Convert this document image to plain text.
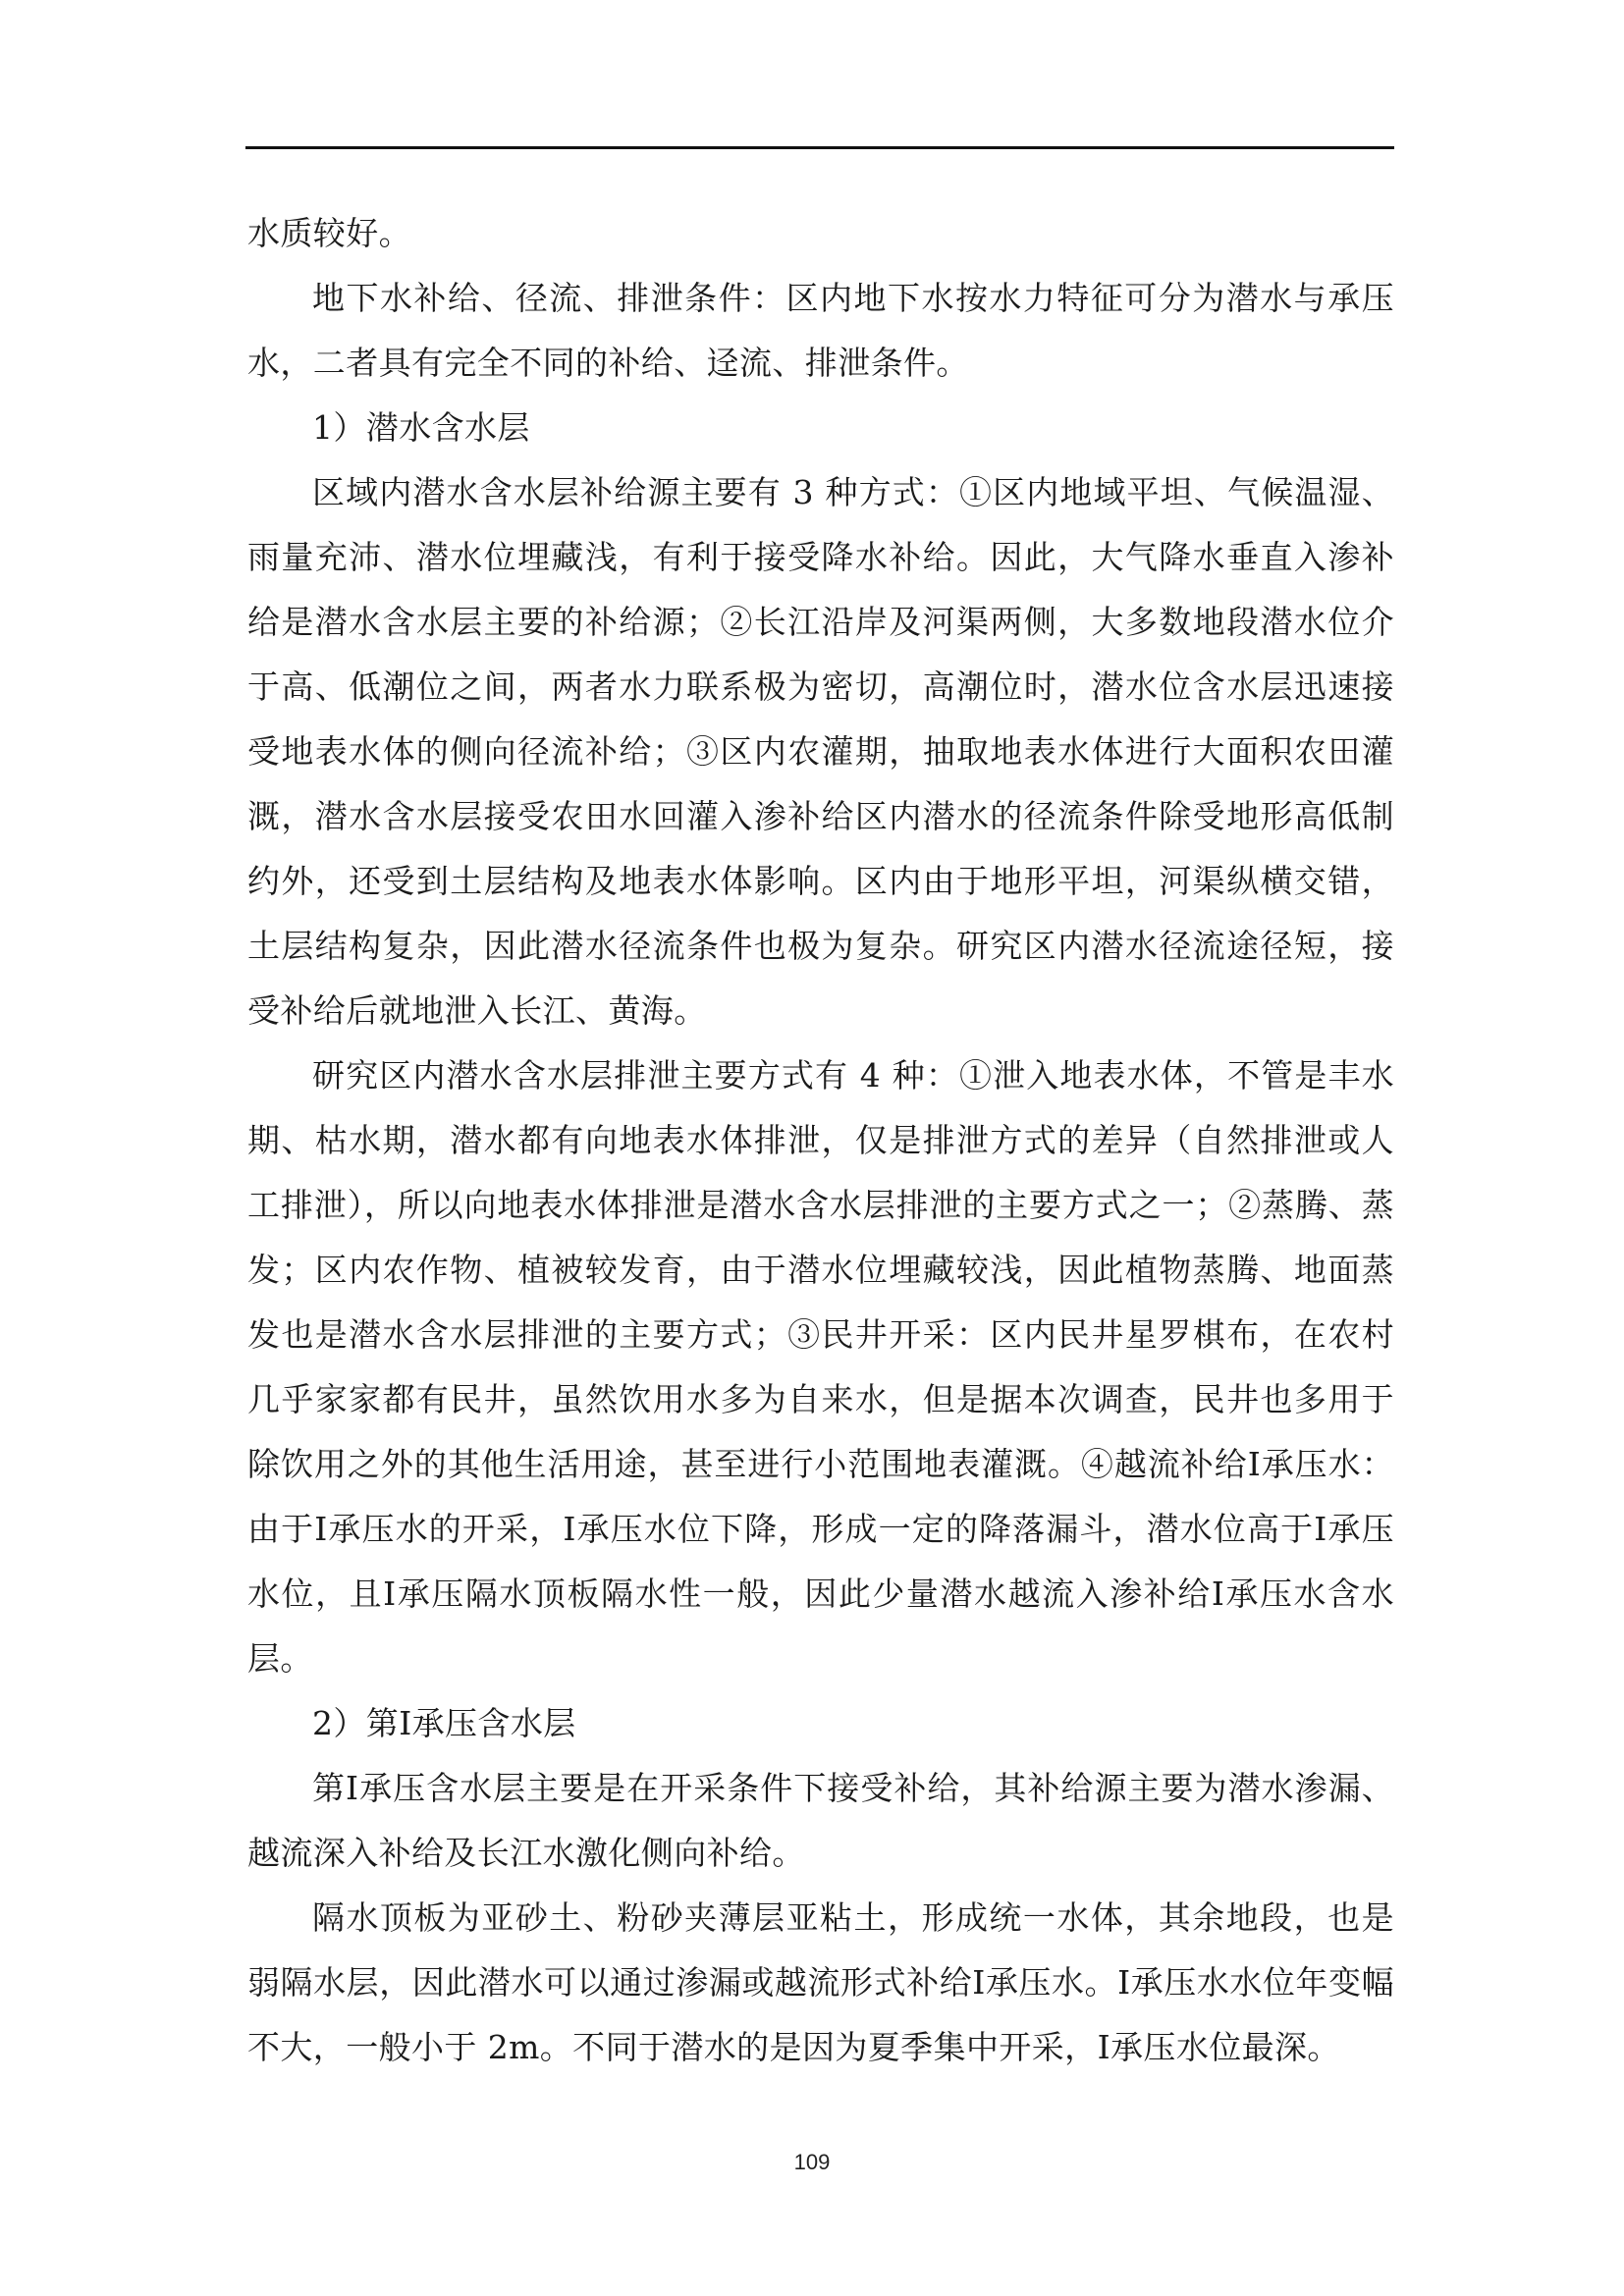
水质较好。

地下水补给、径流、排泄条件：区内地下水按水力特征可分为潜水与承压水，二者具有完全不同的补给、迳流、排泄条件。

1）潜水含水层

区域内潜水含水层补给源主要有 3 种方式：①区内地域平坦、气候温湿、雨量充沛、潜水位埋藏浅，有利于接受降水补给。因此，大气降水垂直入渗补给是潜水含水层主要的补给源；②长江沿岸及河渠两侧，大多数地段潜水位介于高、低潮位之间，两者水力联系极为密切，高潮位时，潜水位含水层迅速接受地表水体的侧向径流补给；③区内农灌期，抽取地表水体进行大面积农田灌溉，潜水含水层接受农田水回灌入渗补给区内潜水的径流条件除受地形高低制约外，还受到土层结构及地表水体影响。区内由于地形平坦，河渠纵横交错，土层结构复杂，因此潜水径流条件也极为复杂。研究区内潜水径流途径短，接受补给后就地泄入长江、黄海。

研究区内潜水含水层排泄主要方式有 4 种：①泄入地表水体，不管是丰水期、枯水期，潜水都有向地表水体排泄，仅是排泄方式的差异（自然排泄或人工排泄），所以向地表水体排泄是潜水含水层排泄的主要方式之一；②蒸腾、蒸发；区内农作物、植被较发育，由于潜水位埋藏较浅，因此植物蒸腾、地面蒸发也是潜水含水层排泄的主要方式；③民井开采：区内民井星罗棋布，在农村几乎家家都有民井，虽然饮用水多为自来水，但是据本次调查，民井也多用于除饮用之外的其他生活用途，甚至进行小范围地表灌溉。④越流补给Ⅰ承压水：由于Ⅰ承压水的开采，Ⅰ承压水位下降，形成一定的降落漏斗，潜水位高于Ⅰ承压水位，且Ⅰ承压隔水顶板隔水性一般，因此少量潜水越流入渗补给Ⅰ承压水含水层。

2）第Ⅰ承压含水层

第Ⅰ承压含水层主要是在开采条件下接受补给，其补给源主要为潜水渗漏、越流深入补给及长江水激化侧向补给。

隔水顶板为亚砂土、粉砂夹薄层亚粘土，形成统一水体，其余地段，也是弱隔水层，因此潜水可以通过渗漏或越流形式补给Ⅰ承压水。Ⅰ承压水水位年变幅不大，一般小于 2m。不同于潜水的是因为夏季集中开采，Ⅰ承压水位最深。

109
